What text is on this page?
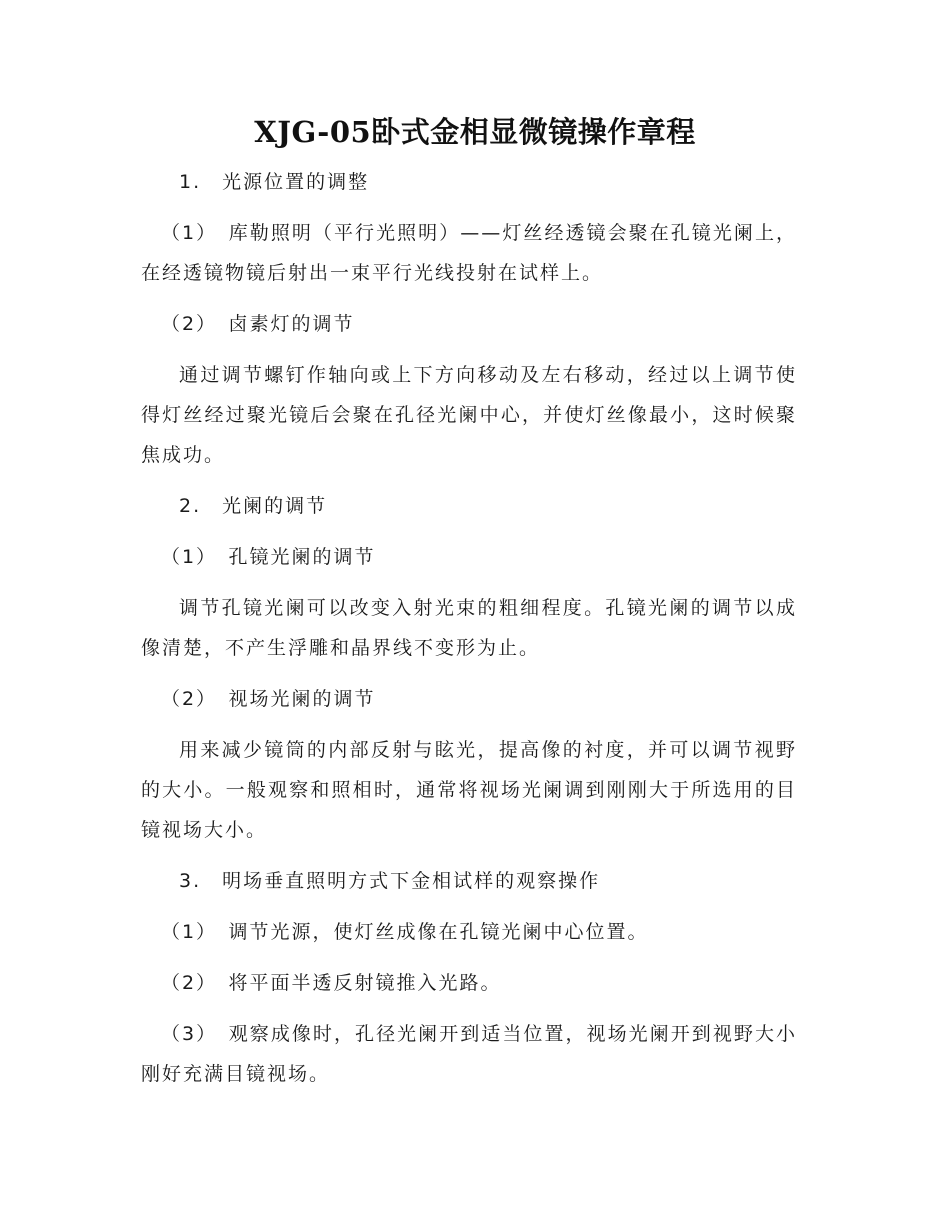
XJG-05卧式金相显微镜操作章程

1.　光源位置的调整

（1）　库勒照明（平行光照明）——灯丝经透镜会聚在孔镜光阑上，在经透镜物镜后射出一束平行光线投射在试样上。

（2）　卤素灯的调节

通过调节螺钉作轴向或上下方向移动及左右移动，经过以上调节使得灯丝经过聚光镜后会聚在孔径光阑中心，并使灯丝像最小，这时候聚焦成功。

2.　光阑的调节

（1）　孔镜光阑的调节

调节孔镜光阑可以改变入射光束的粗细程度。孔镜光阑的调节以成像清楚，不产生浮雕和晶界线不变形为止。

（2）　视场光阑的调节

用来减少镜筒的内部反射与眩光，提高像的衬度，并可以调节视野的大小。一般观察和照相时，通常将视场光阑调到刚刚大于所选用的目镜视场大小。

3.　明场垂直照明方式下金相试样的观察操作

（1）　调节光源，使灯丝成像在孔镜光阑中心位置。

（2）　将平面半透反射镜推入光路。

（3）　观察成像时，孔径光阑开到适当位置，视场光阑开到视野大小刚好充满目镜视场。
